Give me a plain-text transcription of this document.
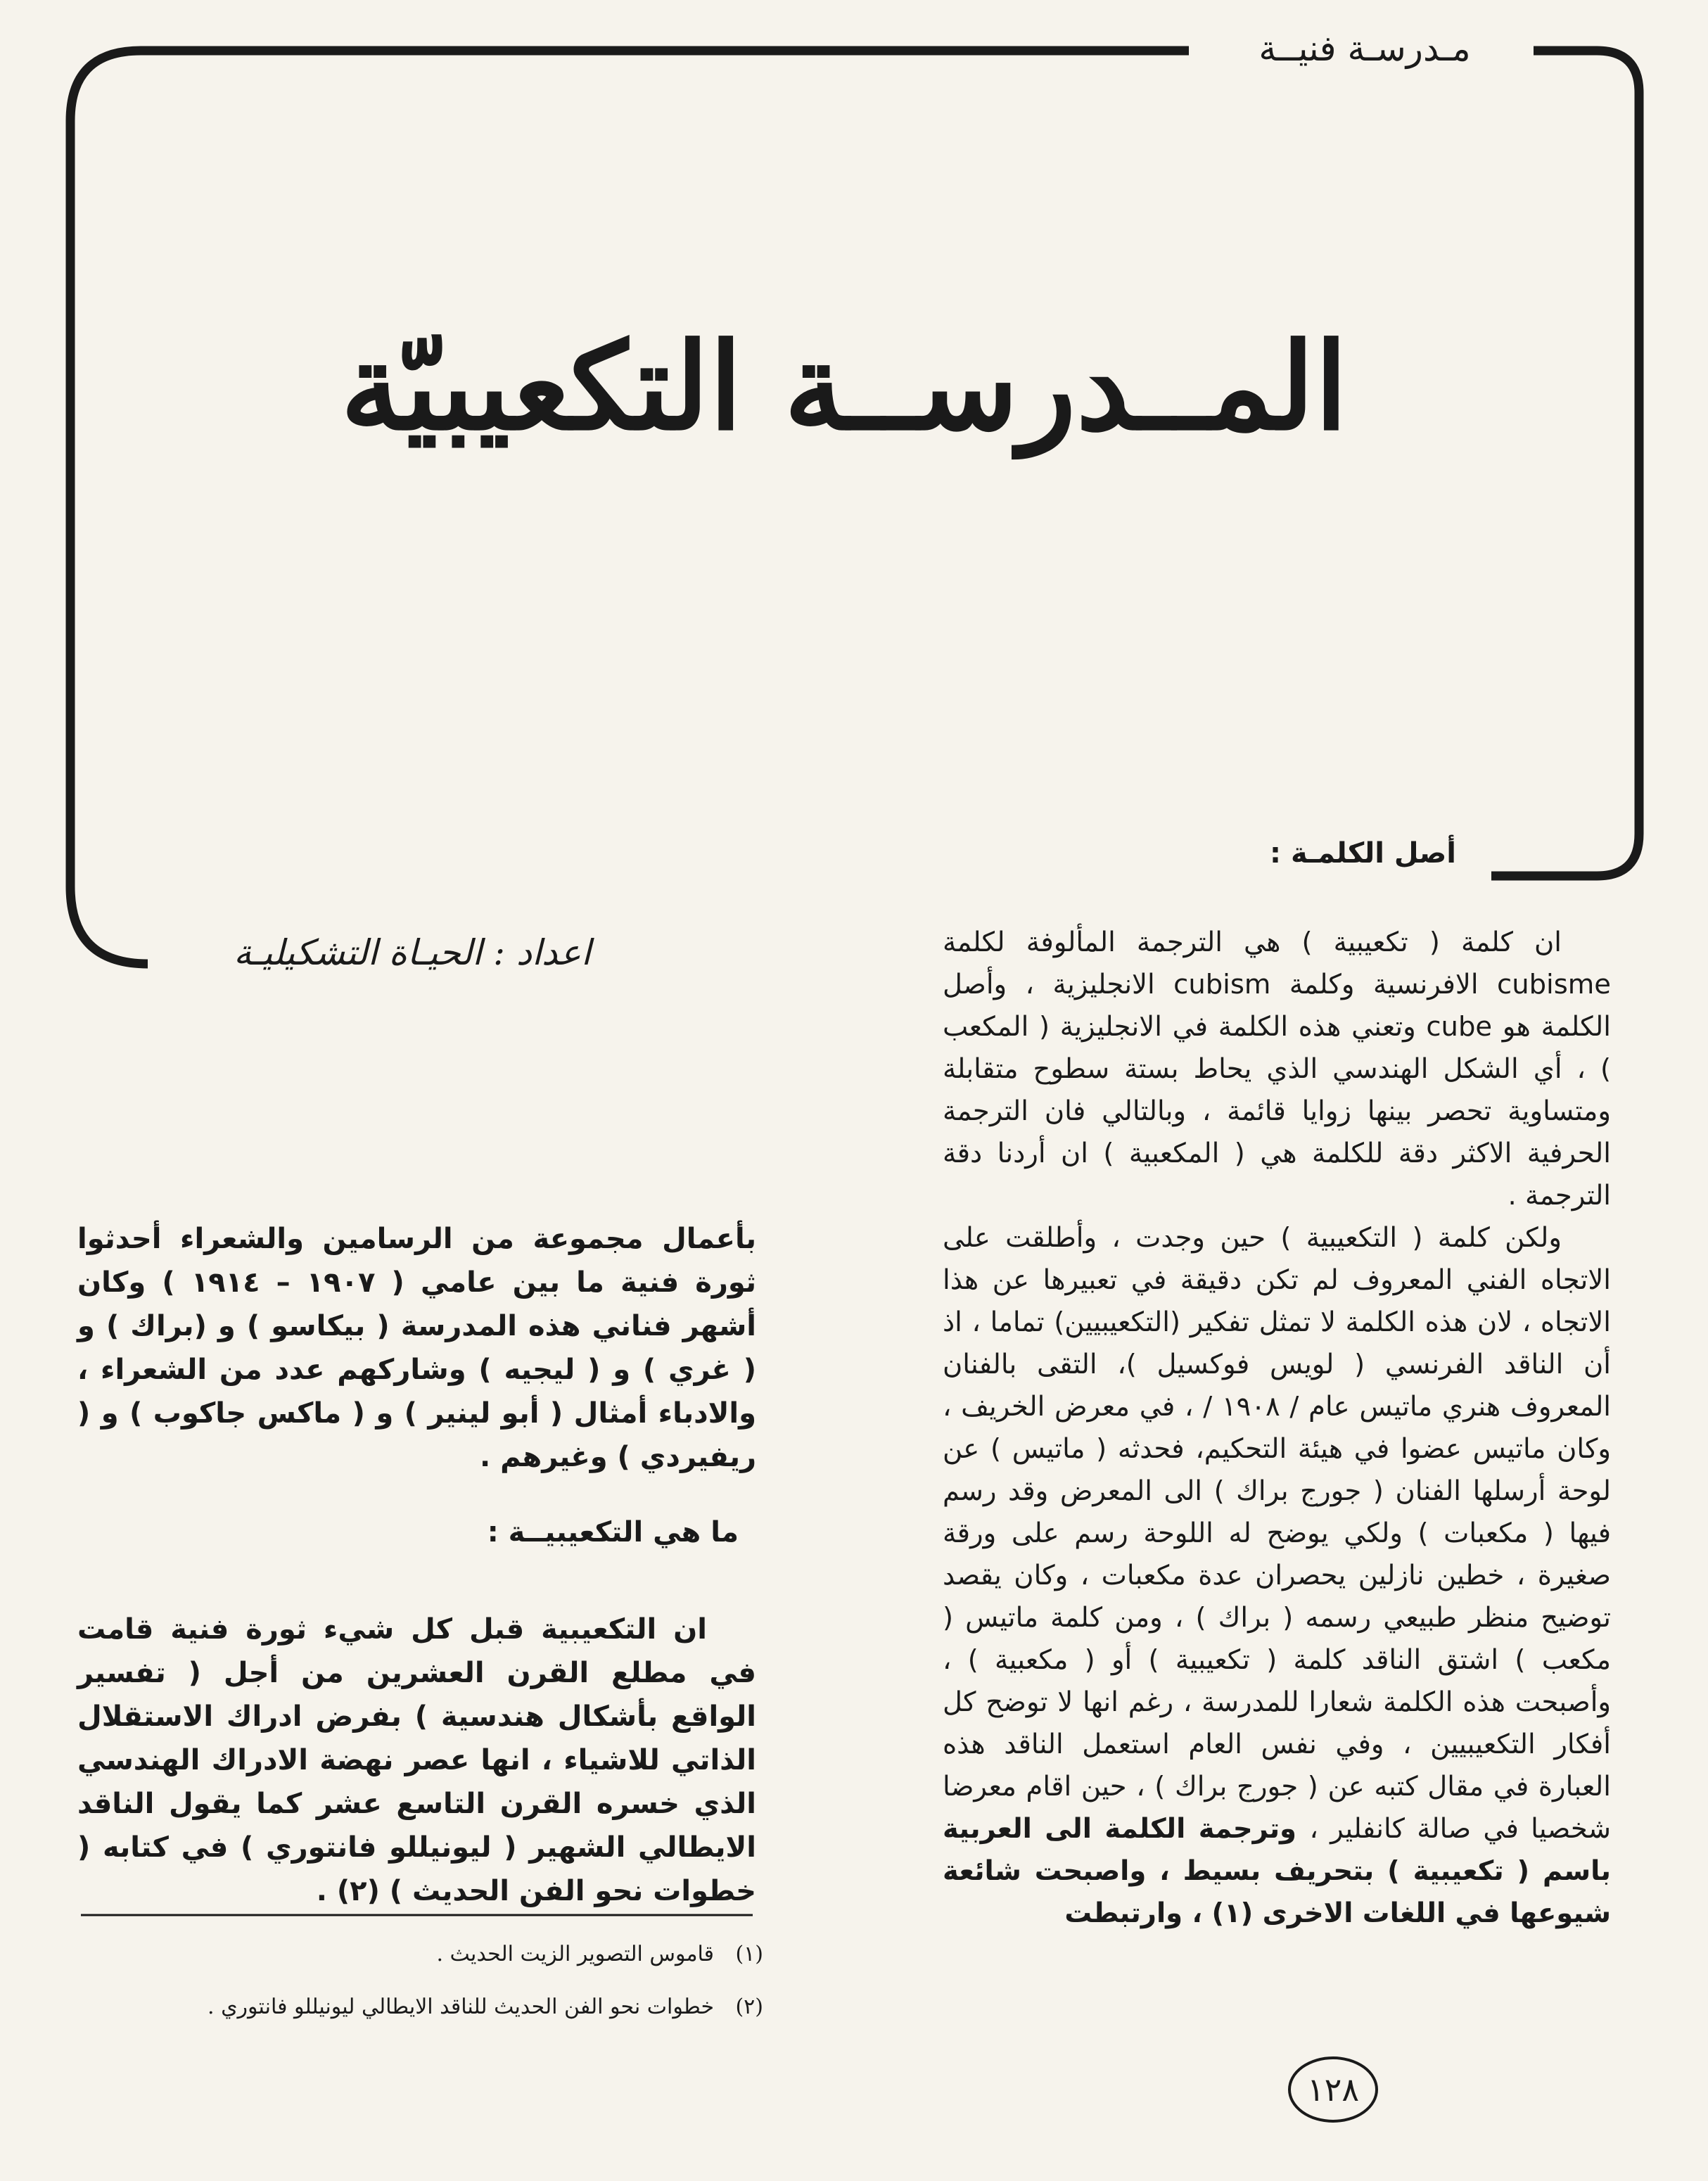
مـدرسـة فنيــة
المــدرســة التكعيبيّة
أصل الكلمـة :
اعداد : الحيـاة التشكيليـة	ان كلمة ( تكعيبية ) هي الترجمة المألوفة لكلمة cubisme الافرنسية وكلمة cubism الانجليزية ، وأصل الكلمة هو cube وتعني هذه الكلمة في الانجليزية ( المكعب ) ، أي الشكل الهندسي الذي يحاط بستة سطوح متقابلة ومتساوية تحصر بينها زوايا قائمة ، وبالتالي فان الترجمة الحرفية الاكثر دقة للكلمة هي ( المكعبية ) ان أردنا دقة الترجمة .

ولكن كلمة ( التكعيبية ) حين وجدت ، وأطلقت على الاتجاه الفني المعروف لم تكن دقيقة في تعبيرها عن هذا الاتجاه ، لان هذه الكلمة لا تمثل تفكير (التكعيبيين) تماما ، اذ أن الناقد الفرنسي ( لويس فوكسيل )، التقى بالفنان المعروف هنري ماتيس عام / ١٩٠٨ / ، في معرض الخريف ، وكان ماتيس عضوا في هيئة التحكيم، فحدثه ( ماتيس ) عن لوحة أرسلها الفنان ( جورج براك ) الى المعرض وقد رسم فيها ( مكعبات ) ولكي يوضح له اللوحة رسم على ورقة صغيرة ، خطين نازلين يحصران عدة مكعبات ، وكان يقصد توضيح منظر طبيعي رسمه ( براك ) ، ومن كلمة ماتيس ( مكعب ) اشتق الناقد كلمة ( تكعيبية ) أو ( مكعبية ) ، وأصبحت هذه الكلمة شعارا للمدرسة ، رغم انها لا توضح كل أفكار التكعيبيين ، وفي نفس العام استعمل الناقد هذه العبارة في مقال كتبه عن ( جورج براك ) ، حين اقام معرضا شخصيا في صالة كانفلير ، وترجمة الكلمة الى العربية باسم ( تكعيبية ) بتحريف بسيط ، واصبحت شائعة شيوعها في اللغات الاخرى (١) ، وارتبطت

بأعمال مجموعة من الرسامين والشعراء أحدثوا ثورة فنية ما بين عامي ( ١٩٠٧ – ١٩١٤ ) وكان أشهر فناني هذه المدرسة ( بيكاسو ) و (براك ) و ( غري ) و ( ليجيه ) وشاركهم عدد من الشعراء ، والادباء أمثال ( أبو لينير ) و ( ماكس جاكوب ) و ( ريفيردي ) وغيرهم .

ما هي التكعيبيــة :

ان التكعيبية قبل كل شيء ثورة فنية قامت في مطلع القرن العشرين من أجل ( تفسير الواقع بأشكال هندسية ) بفرض ادراك الاستقلال الذاتي للاشياء ، انها عصر نهضة الادراك الهندسي الذي خسره القرن التاسع عشر كما يقول الناقد الايطالي الشهير ( ليونيللو فانتوري ) في كتابه ( خطوات نحو الفن الحديث ) (٢) .

(١)
قاموس التصوير الزيت الحديث .
(٢)
خطوات نحو الفن الحديث للناقد الايطالي ليونيللو فانتوري .
١٢٨
